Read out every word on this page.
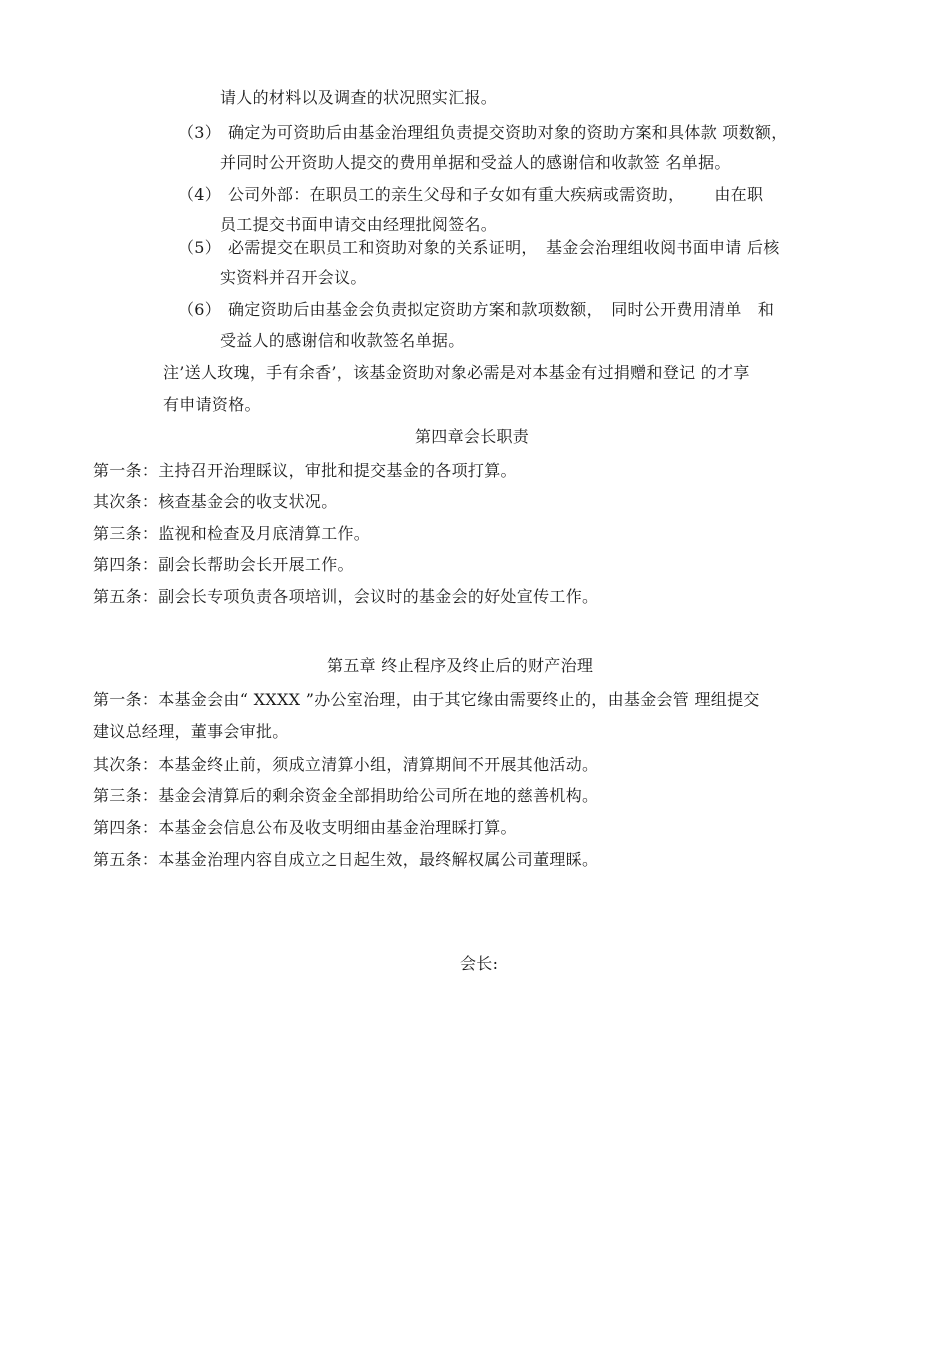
请人的材料以及调查的状况照实汇报。
（3） 确定为可资助后由基金治理组负责提交资助对象的资助方案和具体款 项数额，
并同时公开资助人提交的费用单据和受益人的感谢信和收款签 名单据。
（4） 公司外部：在职员工的亲生父母和子女如有重大疾病或需资助，　　 由在职
员工提交书面申请交由经理批阅签名。
（5） 必需提交在职员工和资助对象的关系证明，　基金会治理组收阅书面申请 后核
实资料并召开会议。
（6） 确定资助后由基金会负责拟定资助方案和款项数额，　同时公开费用清单　和
受益人的感谢信和收款签名单据。
注’送人玫瑰，手有余香’，该基金资助对象必需是对本基金有过捐赠和登记 的才享
有申请资格。
第四章会长职责
第一条：主持召开治理睬议，审批和提交基金的各项打算。
其次条：核查基金会的收支状况。
第三条：监视和检查及月底清算工作。
第四条：副会长帮助会长开展工作。
第五条：副会长专项负责各项培训，会议时的基金会的好处宣传工作。
第五章 终止程序及终止后的财产治理
第一条：本基金会由“ XXXX ”办公室治理，由于其它缘由需要终止的，由基金会管 理组提交
建议总经理，董事会审批。
其次条：本基金终止前，须成立清算小组，清算期间不开展其他活动。
第三条：基金会清算后的剩余资金全部捐助给公司所在地的慈善机构。
第四条：本基金会信息公布及收支明细由基金治理睬打算。
第五条：本基金治理内容自成立之日起生效，最终解权属公司董理睬。
会长:
